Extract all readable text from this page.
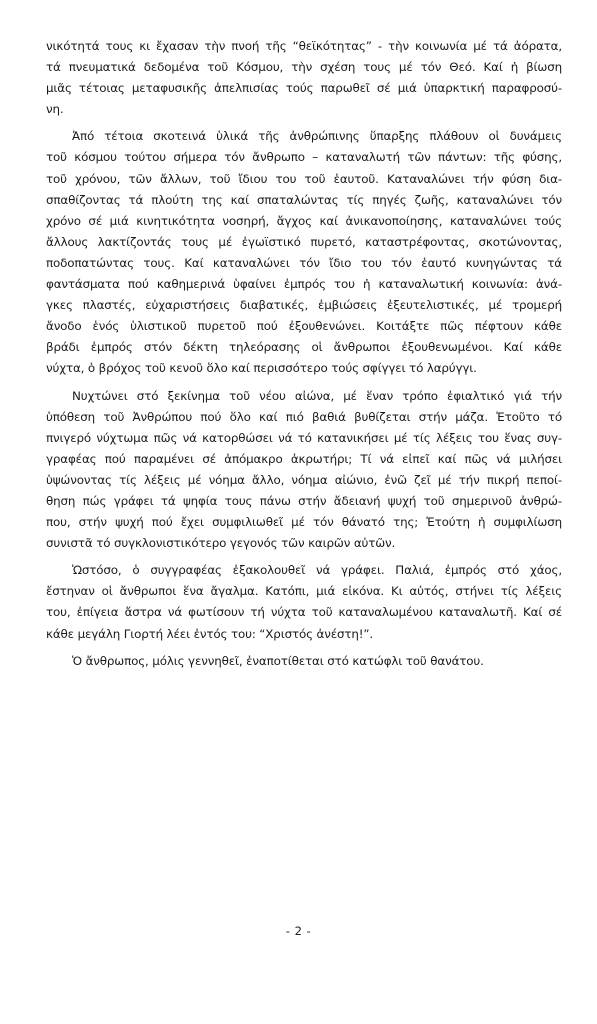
νικότητά τους κι ἔχασαν τὴν πνοή τῆς “θεϊκότητας” - τὴν κοινωνία μέ τά ἀόρατα,
τά πνευματικά δεδομένα τοῦ Κόσμου, τὴν σχέση τους μέ τόν Θεό. Καί ἡ βίωση
μιᾶς τέτοιας μεταφυσικῆς ἀπελπισίας τούς παρωθεῖ σέ μιά ὑπαρκτική παραφροσύ-
νη.
Ἀπό τέτοια σκοτεινά ὑλικά τῆς ἀνθρώπινης ὕπαρξης πλάθουν οἱ δυνάμεις
τοῦ κόσμου τούτου σήμερα τόν ἄνθρωπο – καταναλωτή τῶν πάντων: τῆς φύσης,
τοῦ χρόνου, τῶν ἄλλων, τοῦ ἴδιου του τοῦ ἑαυτοῦ. Καταναλώνει τήν φύση δια-
σπαθίζοντας τά πλούτη της καί σπαταλώντας τίς πηγές ζωῆς, καταναλώνει τόν
χρόνο σέ μιά κινητικότητα νοσηρή, ἄγχος καί ἀνικανοποίησης, καταναλώνει τούς
ἄλλους λακτίζοντάς τους μέ ἐγωϊστικό πυρετό, καταστρέφοντας, σκοτώνοντας,
ποδοπατώντας τους. Καί καταναλώνει τόν ἴδιο του τόν ἑαυτό κυνηγώντας τά
φαντάσματα πού καθημερινά ὑφαίνει ἐμπρός του ἡ καταναλωτική κοινωνία: ἀνά-
γκες πλαστές, εὐχαριστήσεις διαβατικές, ἐμβιώσεις ἐξευτελιστικές, μέ τρομερή
ἄνοδο ἑνός ὑλιστικοῦ πυρετοῦ πού ἐξουθενώνει. Κοιτάξτε πῶς πέφτουν κάθε
βράδι ἐμπρός στόν δέκτη τηλεόρασης οἱ ἄνθρωποι ἐξουθενωμένοι. Καί κάθε
νύχτα, ὁ βρόχος τοῦ κενοῦ ὅλο καί περισσότερο τούς σφίγγει τό λαρύγγι.
Νυχτώνει στό ξεκίνημα τοῦ νέου αἰώνα, μέ ἕναν τρόπο ἐφιαλτικό γιά τήν
ὑπόθεση τοῦ Ἀνθρώπου πού ὅλο καί πιό βαθιά βυθίζεται στήν μάζα. Ἐτοῦτο τό
πνιγερό νύχτωμα πῶς νά κατορθώσει νά τό κατανικήσει μέ τίς λέξεις του ἕνας συγ-
γραφέας πού παραμένει σέ ἀπόμακρο ἀκρωτήρι; Τί νά εἰπεῖ καί πῶς νά μιλήσει
ὑψώνοντας τίς λέξεις μέ νόημα ἄλλο, νόημα αἰώνιο, ἐνῶ ζεῖ μέ τήν πικρή πεποί-
θηση πώς γράφει τά ψηφία τους πάνω στήν ἄδειανή ψυχή τοῦ σημερινοῦ ἀνθρώ-
που, στήν ψυχή πού ἔχει συμφιλιωθεῖ μέ τόν θάνατό της; Ἐτούτη ἡ συμφιλίωση
συνιστᾶ τό συγκλονιστικότερο γεγονός τῶν καιρῶν αὐτῶν.
Ὡστόσο, ὁ συγγραφέας ἐξακολουθεῖ νά γράφει. Παλιά, ἐμπρός στό χάος,
ἔστηναν οἱ ἄνθρωποι ἕνα ἄγαλμα. Κατόπι, μιά εἰκόνα. Κι αὐτός, στήνει τίς λέξεις
του, ἐπίγεια ἄστρα νά φωτίσουν τή νύχτα τοῦ καταναλωμένου καταναλωτῆ. Καί σέ
κάθε μεγάλη Γιορτή λέει ἐντός του: “Χριστός ἀνέστη!”.
Ὁ ἄνθρωπος, μόλις γεννηθεῖ, ἐναποτίθεται στό κατώφλι τοῦ θανάτου.
- 2 -
